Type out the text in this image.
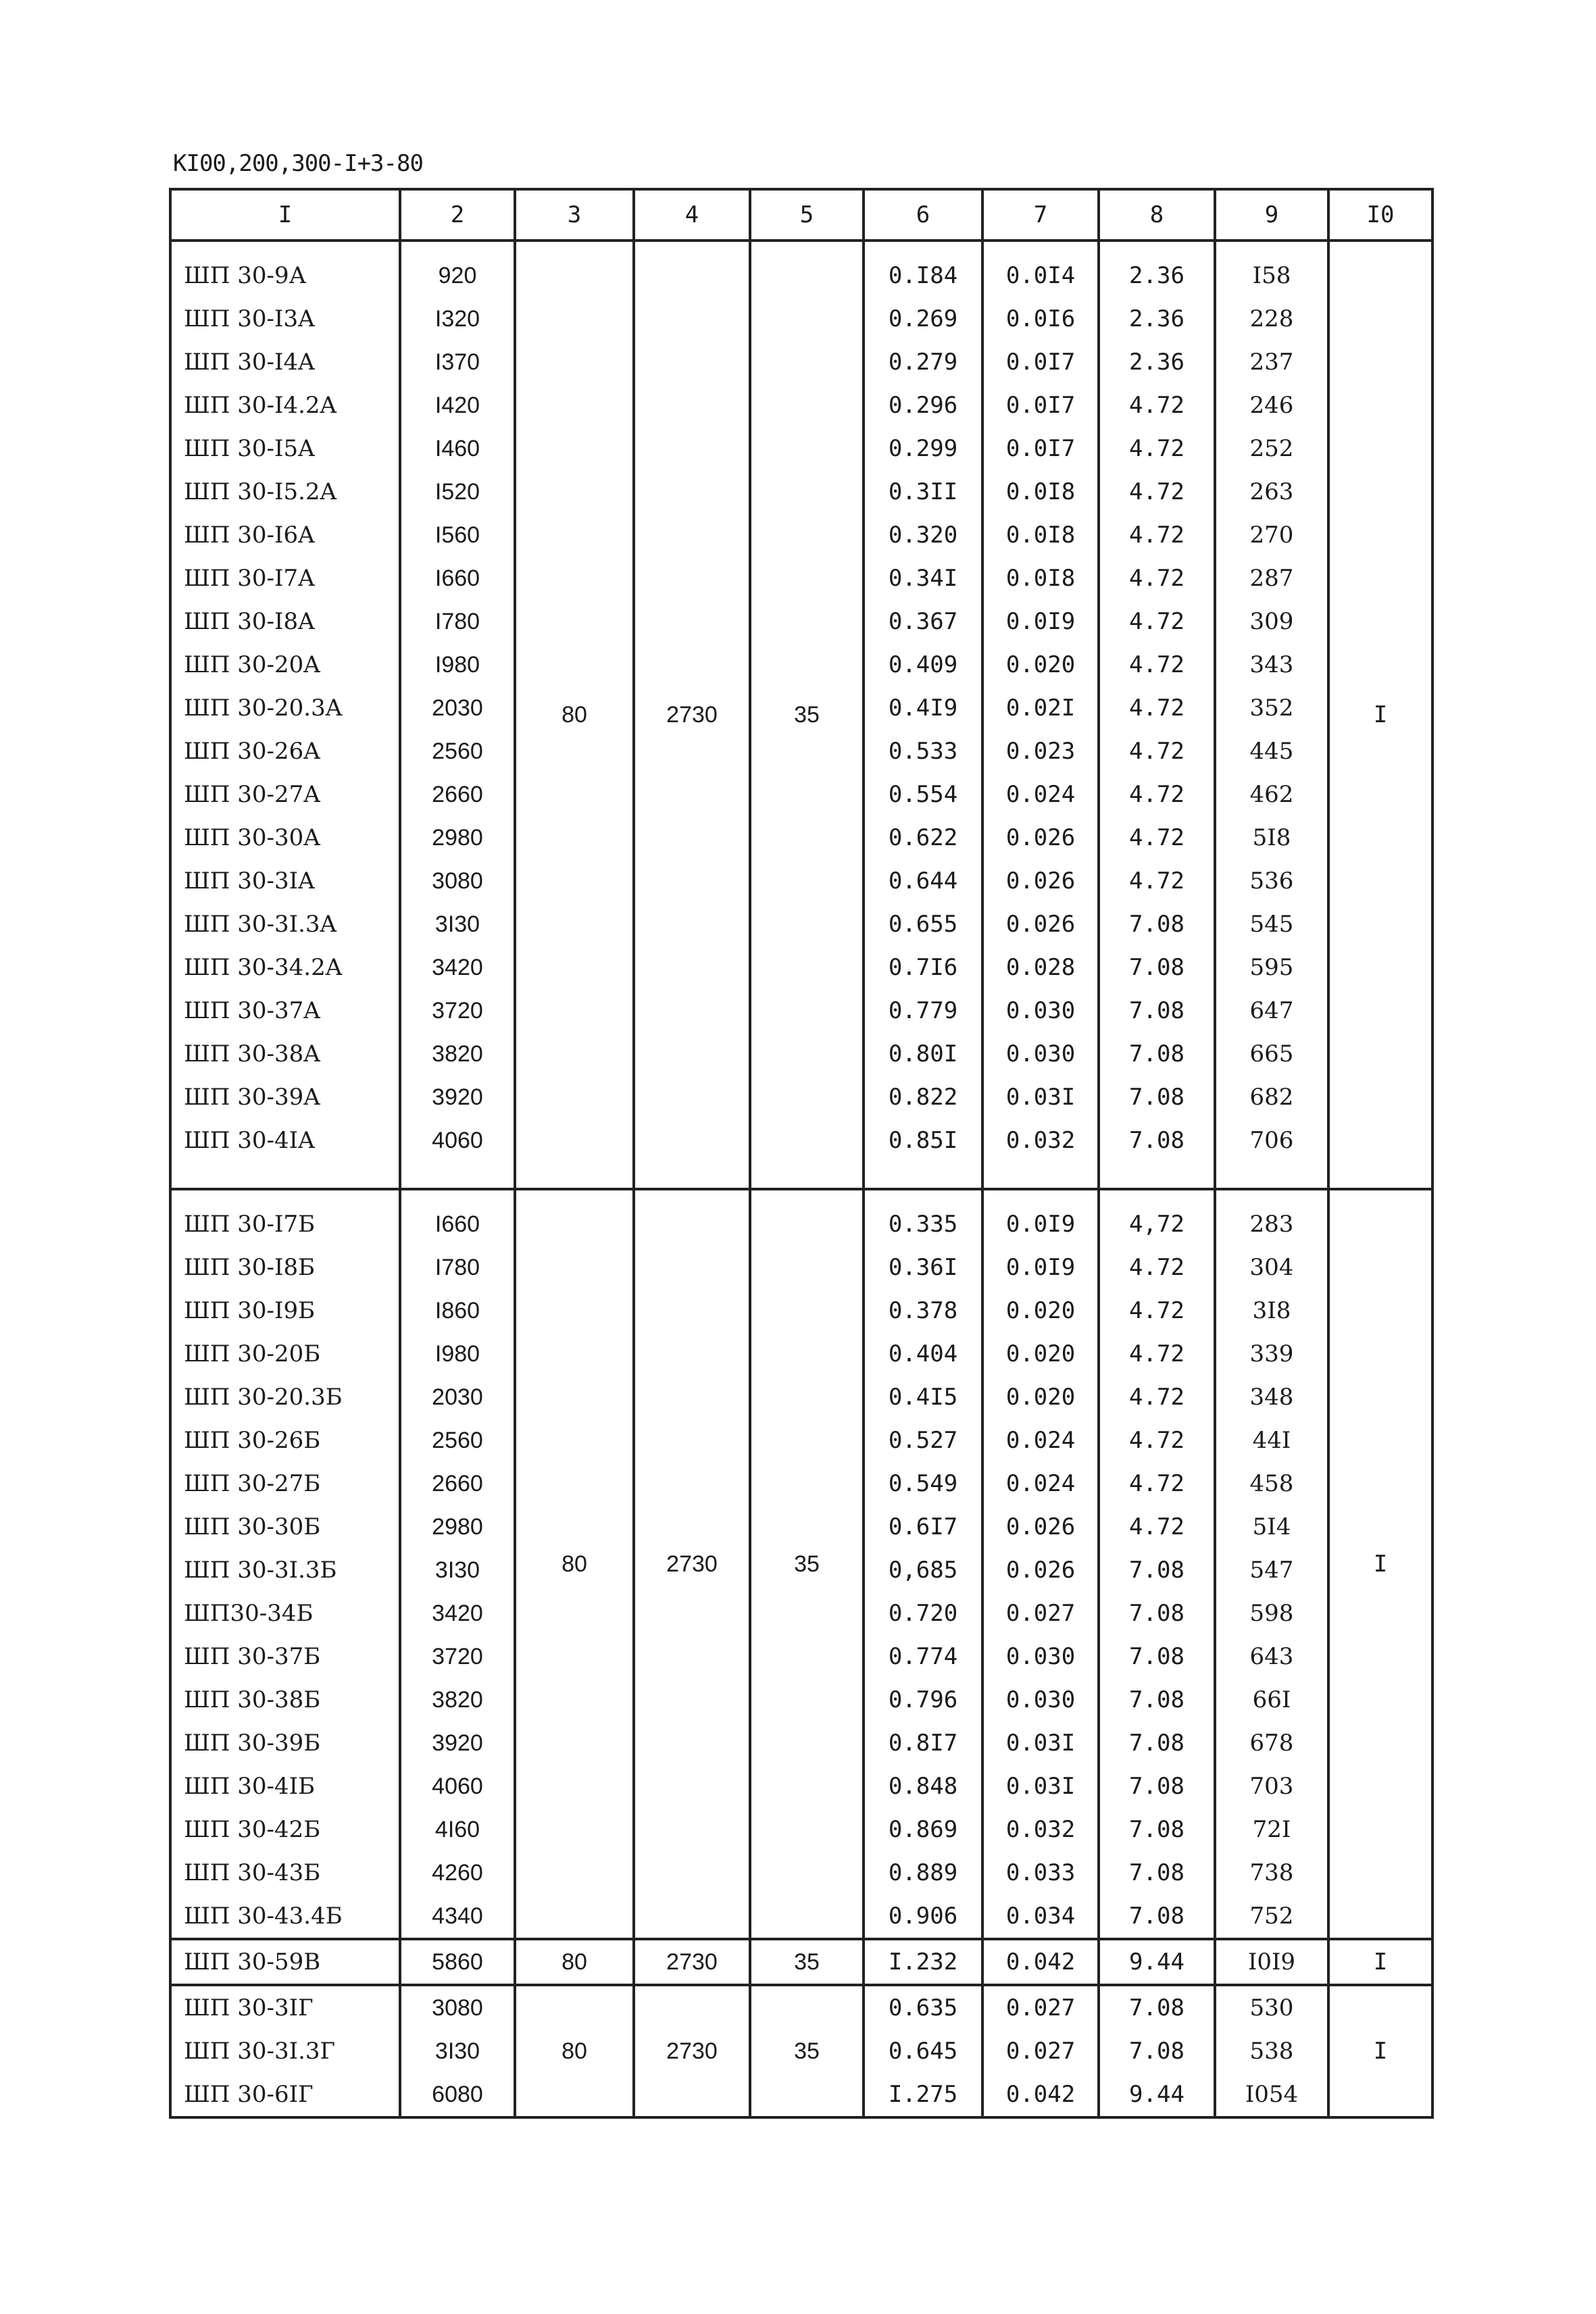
KI00,200,300-I+3-80
I	2	3	4	5	6	7	8	9	I0
		80	2730	35					I
ШП 30-9А	920				0.I84	0.0I4	2.36	I58	
ШП 30-I3A	I320				0.269	0.0I6	2.36	228	
ШП 30-I4A	I370				0.279	0.0I7	2.36	237	
ШП 30-I4.2A	I420				0.296	0.0I7	4.72	246	
ШП 30-I5A	I460				0.299	0.0I7	4.72	252	
ШП 30-I5.2A	I520				0.3II	0.0I8	4.72	263	
ШП 30-I6A	I560				0.320	0.0I8	4.72	270	
ШП 30-I7A	I660				0.34I	0.0I8	4.72	287	
ШП 30-I8A	I780				0.367	0.0I9	4.72	309	
ШП 30-20A	I980				0.409	0.020	4.72	343	
ШП 30-20.3A	2030				0.4I9	0.02I	4.72	352	
ШП 30-26A	2560				0.533	0.023	4.72	445	
ШП 30-27A	2660				0.554	0.024	4.72	462	
ШП 30-30A	2980				0.622	0.026	4.72	5I8	
ШП 30-3IA	3080				0.644	0.026	4.72	536	
ШП 30-3I.3A	3I30				0.655	0.026	7.08	545	
ШП 30-34.2A	3420				0.7I6	0.028	7.08	595	
ШП 30-37A	3720				0.779	0.030	7.08	647	
ШП 30-38A	3820				0.80I	0.030	7.08	665	
ШП 30-39A	3920				0.822	0.03I	7.08	682	
ШП 30-4IA	4060				0.85I	0.032	7.08	706	

		80	2730	35					I
ШП 30-I7Б	I660				0.335	0.0I9	4,72	283	
ШП 30-I8Б	I780				0.36I	0.0I9	4.72	304	
ШП 30-I9Б	I860				0.378	0.020	4.72	3I8	
ШП 30-20Б	I980				0.404	0.020	4.72	339	
ШП 30-20.3Б	2030				0.4I5	0.020	4.72	348	
ШП 30-26Б	2560				0.527	0.024	4.72	44I	
ШП 30-27Б	2660				0.549	0.024	4.72	458	
ШП 30-30Б	2980				0.6I7	0.026	4.72	5I4	
ШП 30-3I.3Б	3I30				0,685	0.026	7.08	547	
ШП30-34Б	3420				0.720	0.027	7.08	598	
ШП 30-37Б	3720				0.774	0.030	7.08	643	
ШП 30-38Б	3820				0.796	0.030	7.08	66I	
ШП 30-39Б	3920				0.8I7	0.03I	7.08	678	
ШП 30-4IБ	4060				0.848	0.03I	7.08	703	
ШП 30-42Б	4I60				0.869	0.032	7.08	72I	
ШП 30-43Б	4260				0.889	0.033	7.08	738	
ШП 30-43.4Б	4340				0.906	0.034	7.08	752	
ШП 30-59В	5860	80	2730	35	I.232	0.042	9.44	I0I9	I
ШП 30-3IГ	3080	80	2730	35	0.635	0.027	7.08	530	I
ШП 30-3I.3Г	3I30				0.645	0.027	7.08	538	
ШП 30-6IГ	6080				I.275	0.042	9.44	I054	
